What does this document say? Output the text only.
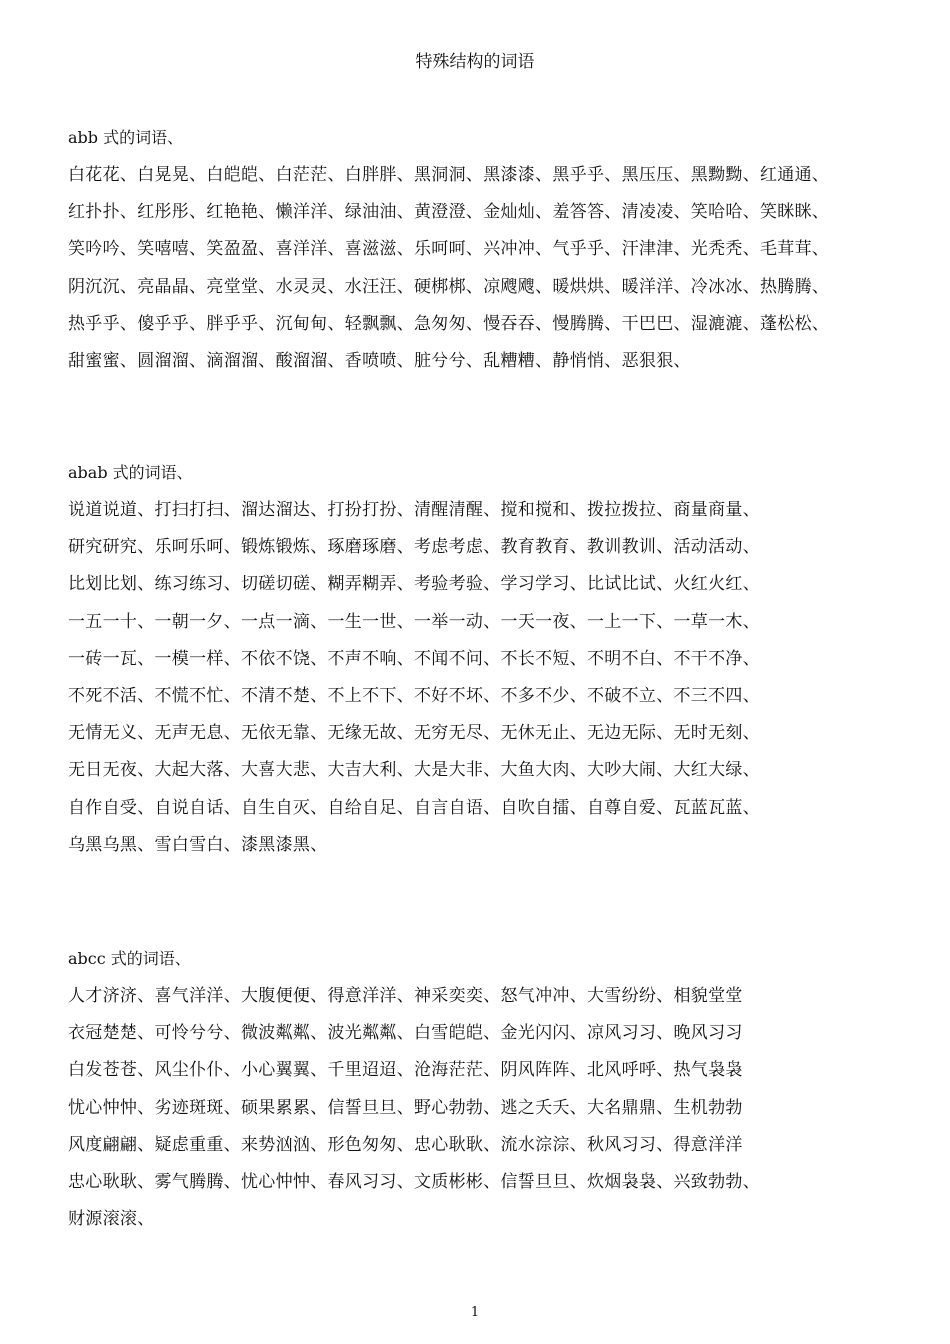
特殊结构的词语
abb 式的词语、
白花花、白晃晃、白皑皑、白茫茫、白胖胖、黑洞洞、黑漆漆、黑乎乎、黑压压、黑黝黝、红通通、
红扑扑、红彤彤、红艳艳、懒洋洋、绿油油、黄澄澄、金灿灿、羞答答、清凌凌、笑哈哈、笑眯眯、
笑吟吟、笑嘻嘻、笑盈盈、喜洋洋、喜滋滋、乐呵呵、兴冲冲、气乎乎、汗津津、光秃秃、毛茸茸、
阴沉沉、亮晶晶、亮堂堂、水灵灵、水汪汪、硬梆梆、凉飕飕、暖烘烘、暖洋洋、冷冰冰、热腾腾、
热乎乎、傻乎乎、胖乎乎、沉甸甸、轻飘飘、急匆匆、慢吞吞、慢腾腾、干巴巴、湿漉漉、蓬松松、
甜蜜蜜、圆溜溜、滴溜溜、酸溜溜、香喷喷、脏兮兮、乱糟糟、静悄悄、恶狠狠、
abab 式的词语、
说道说道、打扫打扫、溜达溜达、打扮打扮、清醒清醒、搅和搅和、拨拉拨拉、商量商量、
研究研究、乐呵乐呵、锻炼锻炼、琢磨琢磨、考虑考虑、教育教育、教训教训、活动活动、
比划比划、练习练习、切磋切磋、糊弄糊弄、考验考验、学习学习、比试比试、火红火红、
一五一十、一朝一夕、一点一滴、一生一世、一举一动、一天一夜、一上一下、一草一木、
一砖一瓦、一模一样、不依不饶、不声不响、不闻不问、不长不短、不明不白、不干不净、
不死不活、不慌不忙、不清不楚、不上不下、不好不坏、不多不少、不破不立、不三不四、
无情无义、无声无息、无依无靠、无缘无故、无穷无尽、无休无止、无边无际、无时无刻、
无日无夜、大起大落、大喜大悲、大吉大利、大是大非、大鱼大肉、大吵大闹、大红大绿、
自作自受、自说自话、自生自灭、自给自足、自言自语、自吹自擂、自尊自爱、瓦蓝瓦蓝、
乌黑乌黑、雪白雪白、漆黑漆黑、
abcc 式的词语、
人才济济、喜气洋洋、大腹便便、得意洋洋、神采奕奕、怒气冲冲、大雪纷纷、相貌堂堂
衣冠楚楚、可怜兮兮、微波粼粼、波光粼粼、白雪皑皑、金光闪闪、凉风习习、晚风习习
白发苍苍、风尘仆仆、小心翼翼、千里迢迢、沧海茫茫、阴风阵阵、北风呼呼、热气袅袅
忧心忡忡、劣迹斑斑、硕果累累、信誓旦旦、野心勃勃、逃之夭夭、大名鼎鼎、生机勃勃
风度翩翩、疑虑重重、来势汹汹、形色匆匆、忠心耿耿、流水淙淙、秋风习习、得意洋洋
忠心耿耿、雾气腾腾、忧心忡忡、春风习习、文质彬彬、信誓旦旦、炊烟袅袅、兴致勃勃、
财源滚滚、
1
